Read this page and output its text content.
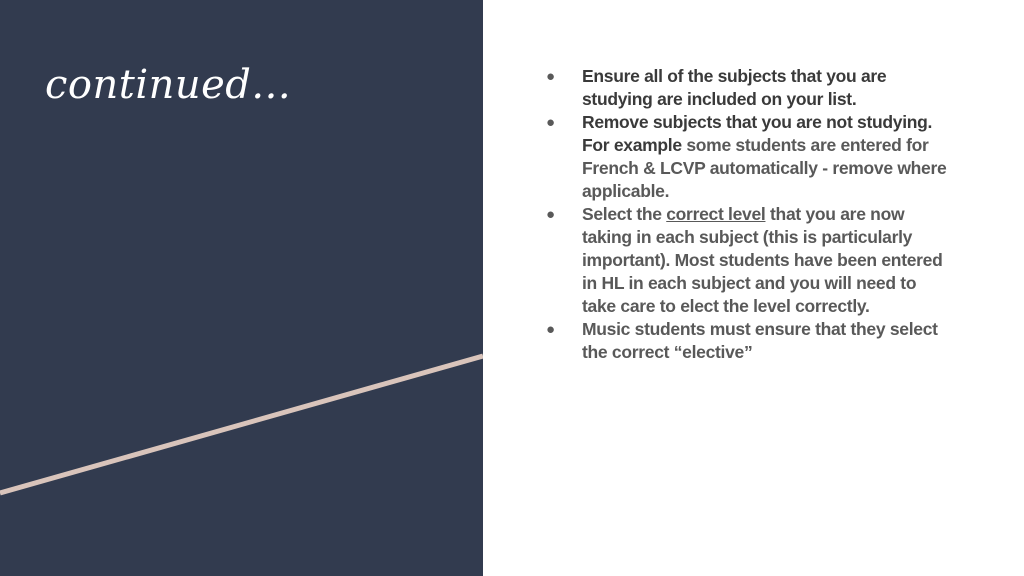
continued...	● Ensure all of the subjects that you are studying are included on your list.
● Remove subjects that you are not studying. For example some students are entered for French & LCVP automatically - remove where applicable.
● Select the correct level that you are now taking in each subject (this is particularly important). Most students have been entered in HL in each subject and you will need to take care to elect the level correctly.
● Music students must ensure that they select the correct “elective”
